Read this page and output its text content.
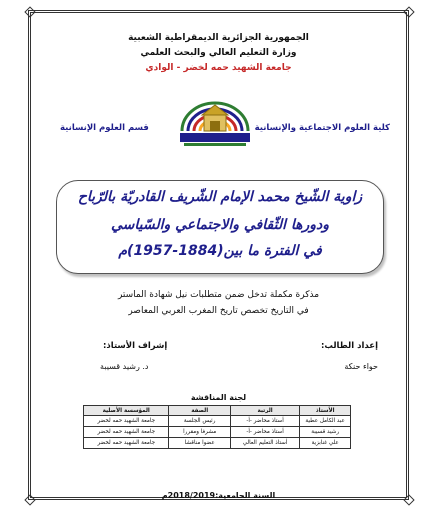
الجمهورية الجزائرية الديمقراطية الشعبية
وزارة التعليم العالي والبحث العلمي
جامعة الشهيد حمه لخضر - الوادي
كلية العلوم الاجتماعية والإنسانية
قسم العلوم الإنسانية
زاوية الشّيخ محمد الإمام الشّريف القادريّة بالرّباح
ودورها الثّقافي والاجتماعي والسّياسي
في الفترة ما بين(1884-1957)م
مذكرة مكملة تدخل ضمن متطلبات نيل شهادة الماستر
في التاريخ تخصص تاريخ المغرب العربي المعاصر
إعداد الطالب:
إشراف الأستاذ:
حواء حنكة
د. رشيد قسيبة
لجنة المناقشة
الأستاذ	الرتبة	الصفة	المؤسسة الأصلية
عبد الكامل عطية	أستاذ محاضر -أ-	رئيس الجلسة	جامعة الشهيد حمه لخضر
رشيد قسيبة	أستاذ محاضر -أ-	مشرفا ومقررا	جامعة الشهيد حمه لخضر
علي غنابزية	أستاذ التعليم العالي	عضوا مناقشا	جامعة الشهيد حمه لخضر
السنة الجامعية:2018/2019م
